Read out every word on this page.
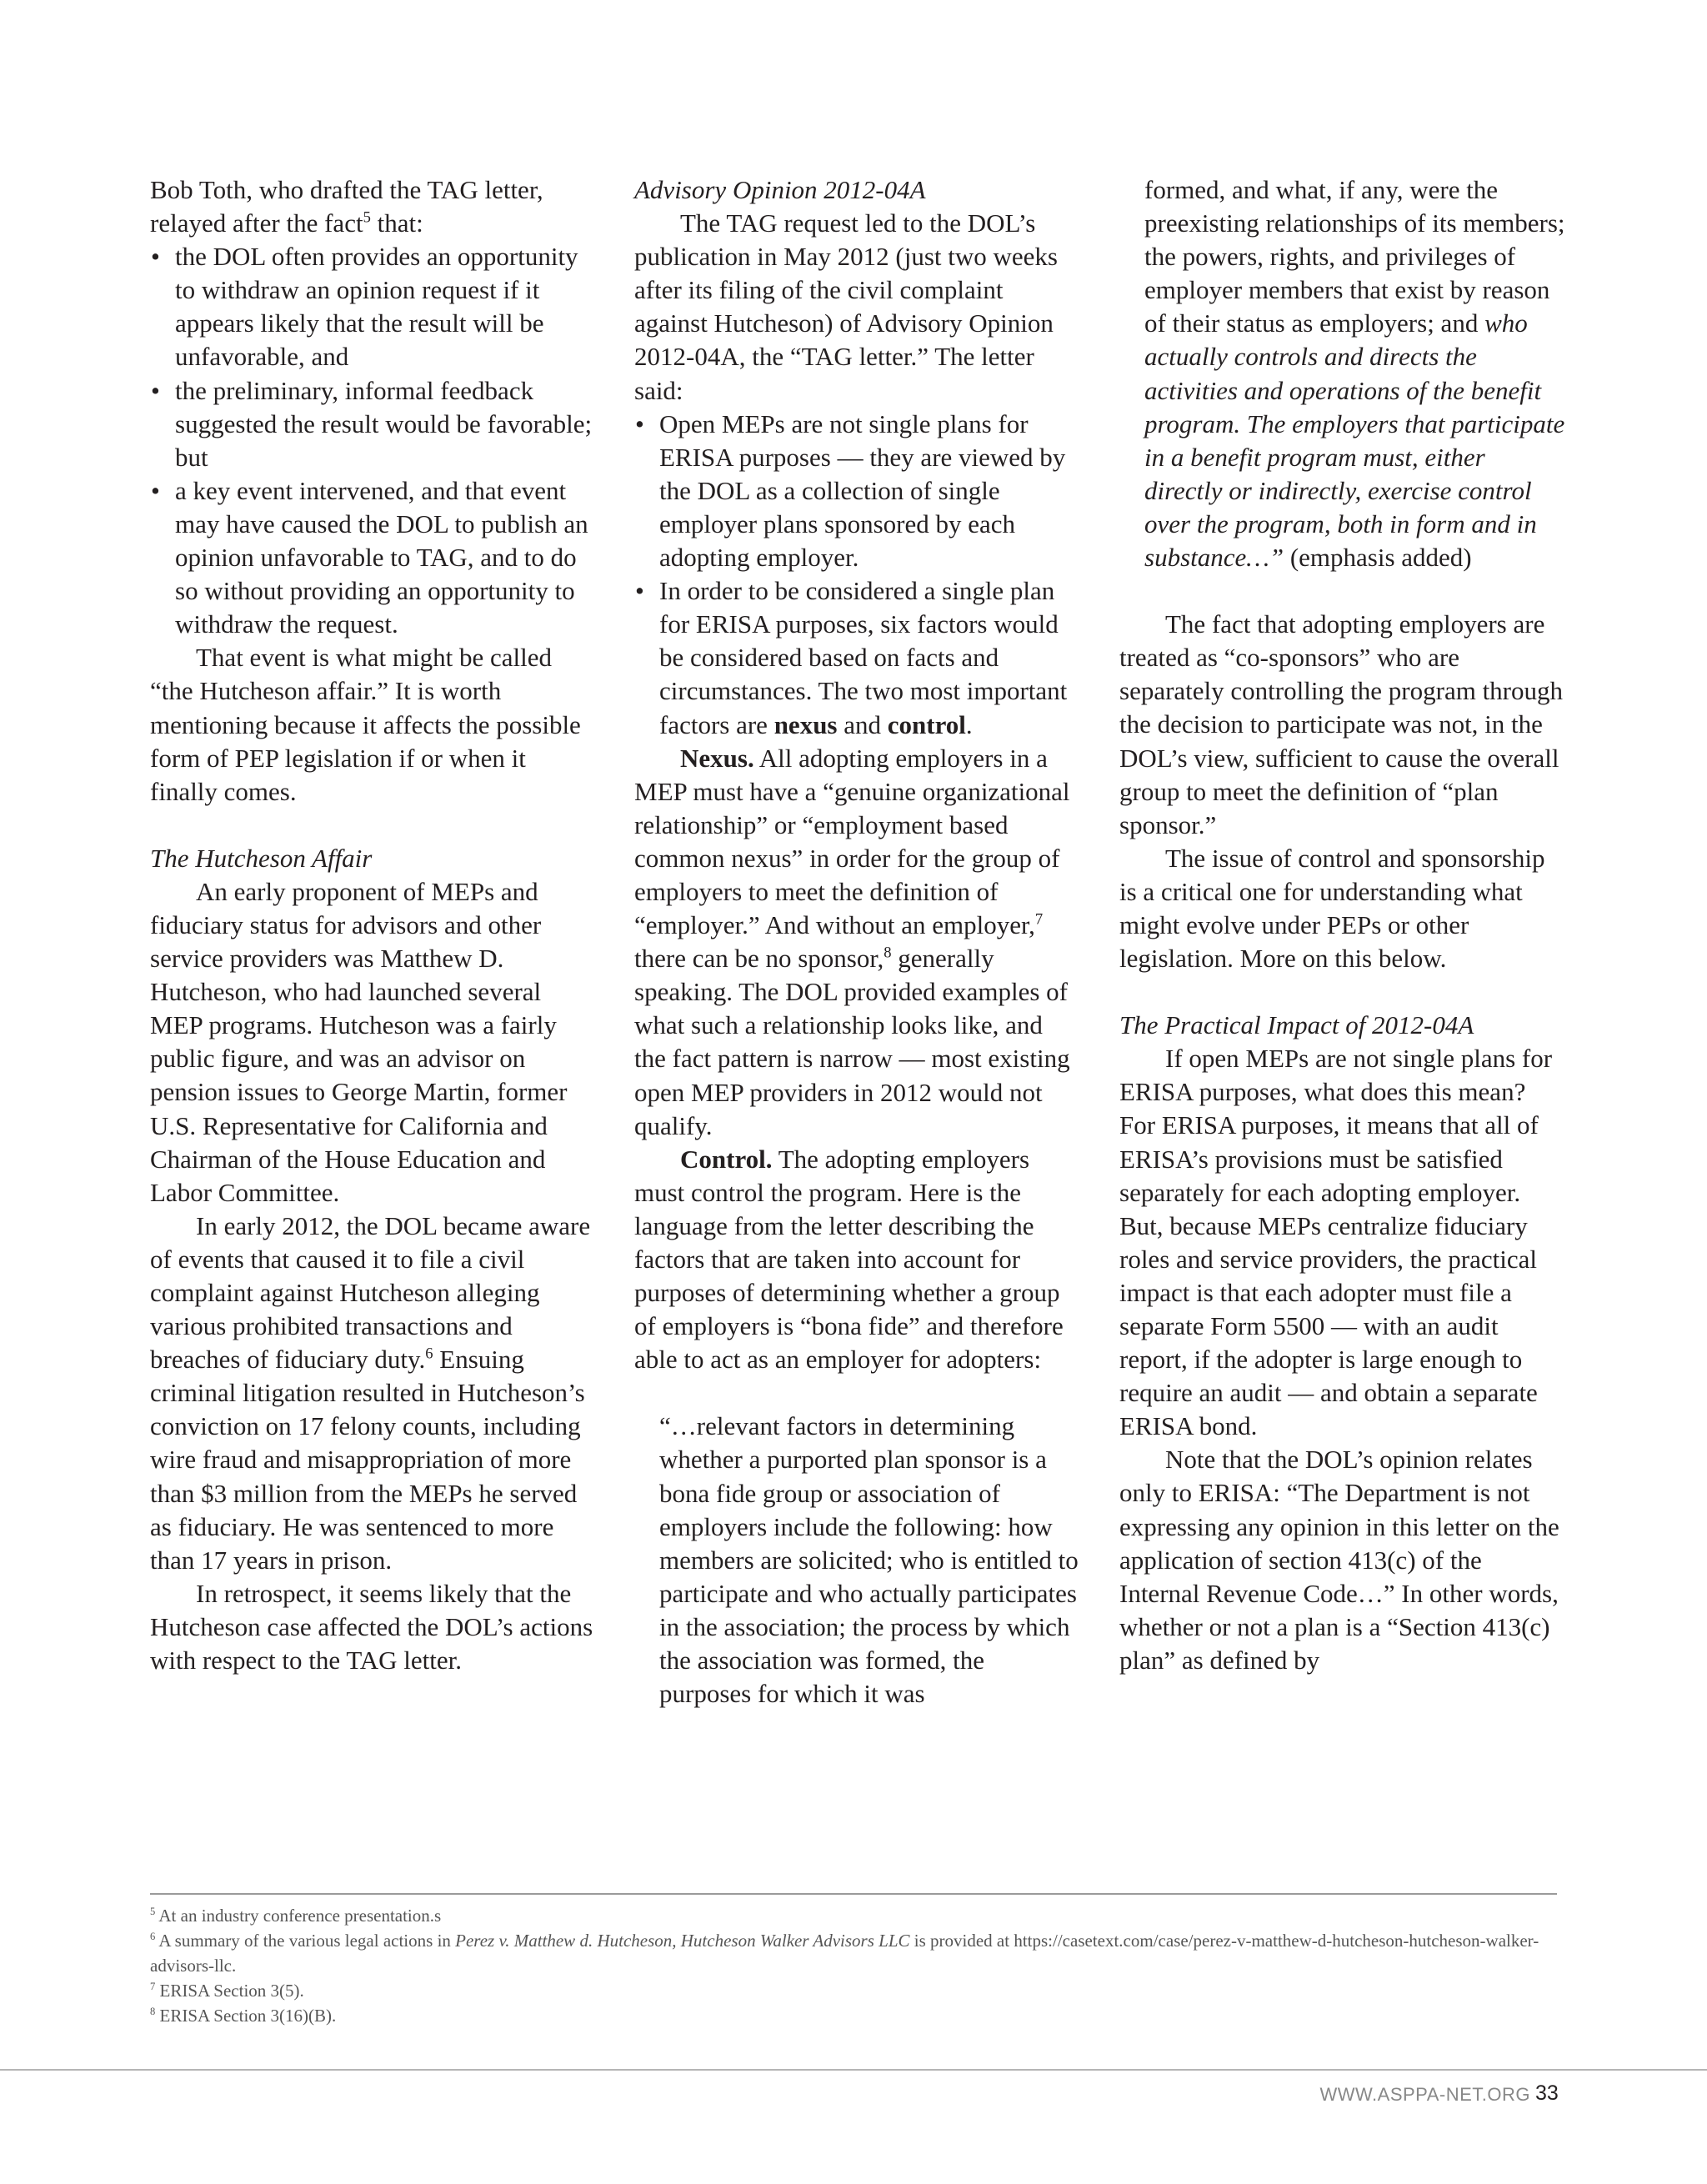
Bob Toth, who drafted the TAG letter, relayed after the fact$^5$ that:

• the DOL often provides an opportunity to withdraw an opinion request if it appears likely that the result will be unfavorable, and
• the preliminary, informal feedback suggested the result would be favorable; but
• a key event intervened, and that event may have caused the DOL to publish an opinion unfavorable to TAG, and to do so without providing an opportunity to withdraw the request.

That event is what might be called “the Hutcheson affair.” It is worth mentioning because it affects the possible form of PEP legislation if or when it finally comes.

The Hutcheson Affair

An early proponent of MEPs and fiduciary status for advisors and other service providers was Matthew D. Hutcheson, who had launched several MEP programs. Hutcheson was a fairly public figure, and was an advisor on pension issues to George Martin, former U.S. Representative for California and Chairman of the House Education and Labor Committee.

In early 2012, the DOL became aware of events that caused it to file a civil complaint against Hutcheson alleging various prohibited transactions and breaches of fiduciary duty.$^6$ Ensuing criminal litigation resulted in Hutcheson’s conviction on 17 felony counts, including wire fraud and misappropriation of more than $3 million from the MEPs he served as fiduciary. He was sentenced to more than 17 years in prison.

In retrospect, it seems likely that the Hutcheson case affected the DOL’s actions with respect to the TAG letter.

Advisory Opinion 2012-04A

The TAG request led to the DOL’s publication in May 2012 (just two weeks after its filing of the civil complaint against Hutcheson) of Advisory Opinion 2012-04A, the “TAG letter.” The letter said:

• Open MEPs are not single plans for ERISA purposes — they are viewed by the DOL as a collection of single employer plans sponsored by each adopting employer.
• In order to be considered a single plan for ERISA purposes, six factors would be considered based on facts and circumstances. The two most important factors are nexus and control.

Nexus. All adopting employers in a MEP must have a “genuine organizational relationship” or “employment based common nexus” in order for the group of employers to meet the definition of “employer.” And without an employer,$^7$ there can be no sponsor,$^8$ generally speaking. The DOL provided examples of what such a relationship looks like, and the fact pattern is narrow — most existing open MEP providers in 2012 would not qualify.

Control. The adopting employers must control the program. Here is the language from the letter describing the factors that are taken into account for purposes of determining whether a group of employers is “bona fide” and therefore able to act as an employer for adopters:

“…relevant factors in determining whether a purported plan sponsor is a bona fide group or association of employers include the following: how members are solicited; who is entitled to participate and who actually participates in the association; the process by which the association was formed, the purposes for which it was

formed, and what, if any, were the preexisting relationships of its members; the powers, rights, and privileges of employer members that exist by reason of their status as employers; and who actually controls and directs the activities and operations of the benefit program. The employers that participate in a benefit program must, either directly or indirectly, exercise control over the program, both in form and in substance…” (emphasis added)

The fact that adopting employers are treated as “co-sponsors” who are separately controlling the program through the decision to participate was not, in the DOL’s view, sufficient to cause the overall group to meet the definition of “plan sponsor.”

The issue of control and sponsorship is a critical one for understanding what might evolve under PEPs or other legislation. More on this below.

The Practical Impact of 2012-04A

If open MEPs are not single plans for ERISA purposes, what does this mean? For ERISA purposes, it means that all of ERISA’s provisions must be satisfied separately for each adopting employer. But, because MEPs centralize fiduciary roles and service providers, the practical impact is that each adopter must file a separate Form 5500 — with an audit report, if the adopter is large enough to require an audit — and obtain a separate ERISA bond.

Note that the DOL’s opinion relates only to ERISA: “The Department is not expressing any opinion in this letter on the application of section 413(c) of the Internal Revenue Code…” In other words, whether or not a plan is a “Section 413(c) plan” as defined by

$^5$ At an industry conference presentation.s

$^6$ A summary of the various legal actions in Perez v. Matthew d. Hutcheson, Hutcheson Walker Advisors LLC is provided at https://casetext.com/case/perez-v-matthew-d-hutcheson-hutcheson-walker-advisors-llc.

$^7$ ERISA Section 3(5).

$^8$ ERISA Section 3(16)(B).

WWW.ASPPA-NET.ORG 33
